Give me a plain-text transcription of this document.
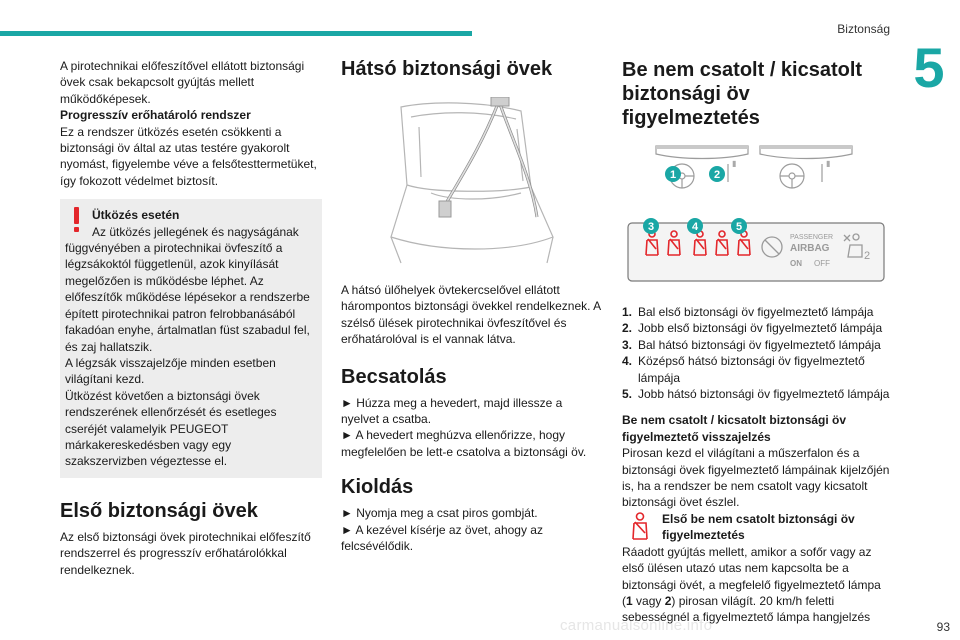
Biztonság
5
93
carmanualsonline.info

A pirotechnikai előfeszítővel ellátott biztonsági övek csak bekapcsolt gyújtás mellett működőképesek.

Progresszív erőhatároló rendszer

Ez a rendszer ütközés esetén csökkenti a biztonsági öv által az utas testére gyakorolt nyomást, figyelembe véve a felsőtesttermetüket, így fokozott védelmet biztosít.

Ütközés esetén

Az ütközés jellegének és nagyságának

függvényében a pirotechnikai övfeszítő a légzsákoktól függetlenül, azok kinyílását megelőzően is működésbe léphet. Az előfeszítők működése lépésekor a rendszerbe épített pirotechnikai patron felrobbanásából fakadóan enyhe, ártalmatlan füst szabadul fel, és zaj hallatszik.

A légzsák visszajelzője minden esetben világítani kezd.

Ütközést követően a biztonsági övek rendszerének ellenőrzését és esetleges cseréjét valamelyik PEUGEOT márkakereskedésben vagy egy szakszervizben végeztesse el.

Első biztonsági övek

Az első biztonsági övek pirotechnikai előfeszítő rendszerrel és progresszív erőhatárolókkal rendelkeznek.

Hátsó biztonsági övek

A hátsó ülőhelyek övtekercselővel ellátott hárompontos biztonsági övekkel rendelkeznek. A szélső ülések pirotechnikai övfeszítővel és erőhatárolóval is el vannak látva.

Becsatolás

► Húzza meg a hevedert, majd illessze a nyelvet a csatba.

► A hevedert meghúzva ellenőrizze, hogy megfelelően be lett-e csatolva a biztonsági öv.

Kioldás

► Nyomja meg a csat piros gombját.

► A kezével kísérje az övet, ahogy az felcsévélődik.

Be nem csatolt / kicsatolt biztonsági öv figyelmeztetés
▮	▮

PASSENGER
AIRBAG
ON OFF
2
1. Bal első biztonsági öv figyelmeztető lámpája
2. Jobb első biztonsági öv figyelmeztető lámpája
3. Bal hátsó biztonsági öv figyelmeztető lámpája
4. Középső hátsó biztonsági öv figyelmeztető lámpája
5. Jobb hátsó biztonsági öv figyelmeztető lámpája

Be nem csatolt / kicsatolt biztonsági öv figyelmeztető visszajelzés

Pirosan kezd el világítani a műszerfalon és a biztonsági övek figyelmeztető lámpáinak kijelzőjén is, ha a rendszer be nem csatolt vagy kicsatolt biztonsági övet észlel.

Első be nem csatolt biztonsági öv figyelmeztetés

Ráadott gyújtás mellett, amikor a sofőr vagy az első ülésen utazó utas nem kapcsolta be a biztonsági övét, a megfelelő figyelmeztető lámpa (1 vagy 2) pirosan világít. 20 km/h feletti sebességnél a figyelmeztető lámpa hangjelzés

1	2
3	4	5
